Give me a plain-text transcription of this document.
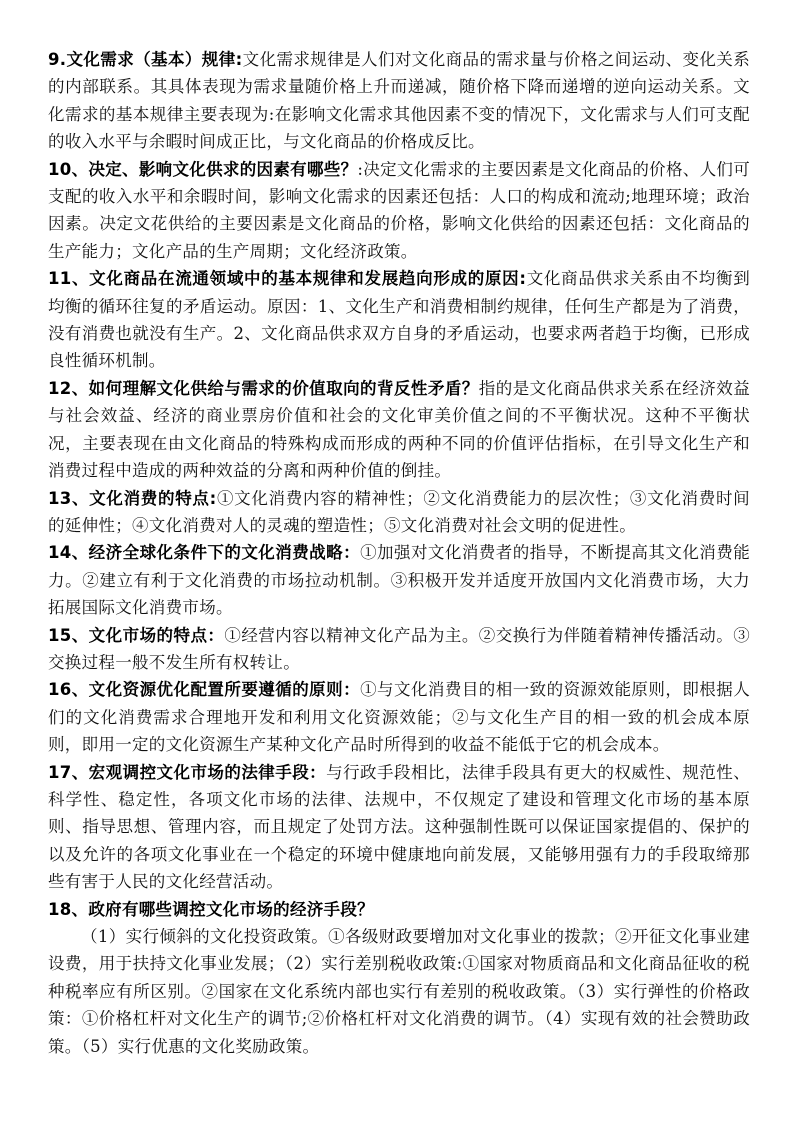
9.文化需求（基本）规律:文化需求规律是人们对文化商品的需求量与价格之间运动、变化关系的内部联系。其具体表现为需求量随价格上升而递减，随价格下降而递增的逆向运动关系。文化需求的基本规律主要表现为:在影响文化需求其他因素不变的情况下，文化需求与人们可支配的收入水平与余暇时间成正比，与文化商品的价格成反比。

10、决定、影响文化供求的因素有哪些？:决定文化需求的主要因素是文化商品的价格、人们可支配的收入水平和余暇时间，影响文化需求的因素还包括：人口的构成和流动;地理环境；政治因素。决定文花供给的主要因素是文化商品的价格，影响文化供给的因素还包括：文化商品的生产能力；文化产品的生产周期；文化经济政策。

11、文化商品在流通领域中的基本规律和发展趋向形成的原因:文化商品供求关系由不均衡到均衡的循环往复的矛盾运动。原因：1、文化生产和消费相制约规律，任何生产都是为了消费，没有消费也就没有生产。2、文化商品供求双方自身的矛盾运动，也要求两者趋于均衡，已形成良性循环机制。

12、如何理解文化供给与需求的价值取向的背反性矛盾？指的是文化商品供求关系在经济效益与社会效益、经济的商业票房价值和社会的文化审美价值之间的不平衡状况。这种不平衡状况，主要表现在由文化商品的特殊构成而形成的两种不同的价值评估指标，在引导文化生产和消费过程中造成的两种效益的分离和两种价值的倒挂。

13、文化消费的特点:①文化消费内容的精神性；②文化消费能力的层次性；③文化消费时间的延伸性；④文化消费对人的灵魂的塑造性；⑤文化消费对社会文明的促进性。

14、经济全球化条件下的文化消费战略：①加强对文化消费者的指导，不断提高其文化消费能力。②建立有利于文化消费的市场拉动机制。③积极开发并适度开放国内文化消费市场，大力拓展国际文化消费市场。

15、文化市场的特点：①经营内容以精神文化产品为主。②交换行为伴随着精神传播活动。③交换过程一般不发生所有权转让。

16、文化资源优化配置所要遵循的原则：①与文化消费目的相一致的资源效能原则，即根据人们的文化消费需求合理地开发和利用文化资源效能；②与文化生产目的相一致的机会成本原则，即用一定的文化资源生产某种文化产品时所得到的收益不能低于它的机会成本。

17、宏观调控文化市场的法律手段：与行政手段相比，法律手段具有更大的权威性、规范性、科学性、稳定性，各项文化市场的法律、法规中，不仅规定了建设和管理文化市场的基本原则、指导思想、管理内容，而且规定了处罚方法。这种强制性既可以保证国家提倡的、保护的以及允许的各项文化事业在一个稳定的环境中健康地向前发展，又能够用强有力的手段取缔那些有害于人民的文化经营活动。

18、政府有哪些调控文化市场的经济手段？

（1）实行倾斜的文化投资政策。①各级财政要增加对文化事业的拨款；②开征文化事业建设费，用于扶持文化事业发展；（2）实行差别税收政策:①国家对物质商品和文化商品征收的税种税率应有所区别。②国家在文化系统内部也实行有差别的税收政策。（3）实行弹性的价格政策：①价格杠杆对文化生产的调节;②价格杠杆对文化消费的调节。（4）实现有效的社会赞助政策。（5）实行优惠的文化奖励政策。
